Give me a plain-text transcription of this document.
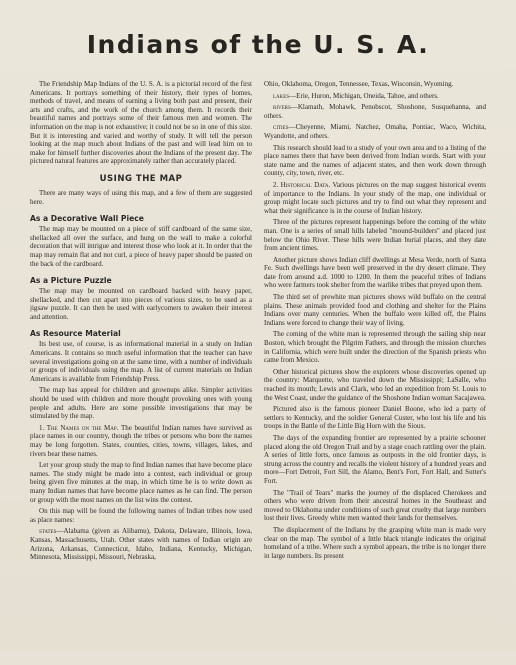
Indians of the U. S. A.

The Friendship Map Indians of the U. S. A. is a pictorial record of the first Americans. It portrays something of their history, their types of homes, methods of travel, and means of earning a living both past and present, their arts and crafts, and the work of the church among them. It records their beautiful names and portrays some of their famous men and women. The information on the map is not exhaustive; it could not be so in one of this size. But it is interesting and varied and worthy of study. It will tell the person looking at the map much about Indians of the past and will lead him on to make for himself further discoveries about the Indians of the present day. The pictured natural features are approximately rather than accurately placed.

USING THE MAP

There are many ways of using this map, and a few of them are suggested here.

As a Decorative Wall Piece

The map may be mounted on a piece of stiff cardboard of the same size, shellacked all over the surface, and hung on the wall to make a colorful decoration that will intrigue and interest those who look at it. In order that the map may remain flat and not curl, a piece of heavy paper should be pasted on the back of the cardboard.

As a Picture Puzzle

The map may be mounted on cardboard backed with heavy paper, shellacked, and then cut apart into pieces of various sizes, to be used as a jigsaw puzzle. It can then be used with earlycomers to awaken their interest and attention.

As Resource Material

Its best use, of course, is as informational material in a study on Indian Americans. It contains so much useful information that the teacher can have several investigations going on at the same time, with a number of individuals or groups of individuals using the map. A list of current materials on Indian Americans is available from Friendship Press.

The map has appeal for children and grownups alike. Simpler activities should be used with children and more thought provoking ones with young people and adults. Here are some possible investigations that may be stimulated by the map.

1. The Names on the Map. The beautiful Indian names have survived as place names in our country, though the tribes or persons who bore the names may be long forgotten. States, counties, cities, towns, villages, lakes, and rivers bear these names.

Let your group study the map to find Indian names that have become place names. The study might be made into a contest, each individual or group being given five minutes at the map, in which time he is to write down as many Indian names that have become place names as he can find. The person or group with the most names on the list wins the contest.

On this map will be found the following names of Indian tribes now used as place names:

states—Alabama (given as Alibamu), Dakota, Delaware, Illinois, Iowa, Kansas, Massachusetts, Utah. Other states with names of Indian origin are Arizona, Arkansas, Connecticut, Idaho, Indiana, Kentucky, Michigan, Minnesota, Mississippi, Missouri, Nebraska,

Ohio, Oklahoma, Oregon, Tennessee, Texas, Wisconsin, Wyoming.

lakes—Erie, Huron, Michigan, Oneida, Tahoe, and others.

rivers—Klamath, Mohawk, Penobscot, Shoshone, Susquehanna, and others.

cities—Cheyenne, Miami, Natchez, Omaha, Pontiac, Waco, Wichita, Wyandotte, and others.

This research should lead to a study of your own area and to a listing of the place names there that have been derived from Indian words. Start with your state name and the names of adjacent states, and then work down through county, city, town, river, etc.

2. Historical Data. Various pictures on the map suggest historical events of importance to the Indians. In your study of the map, one individual or group might locate such pictures and try to find out what they represent and what their significance is in the course of Indian history.

Three of the pictures represent happenings before the coming of the white man. One is a series of small hills labeled "mound-builders" and placed just below the Ohio River. These hills were Indian burial places, and they date from ancient times.

Another picture shows Indian cliff dwellings at Mesa Verde, north of Santa Fe. Such dwellings have been well preserved in the dry desert climate. They date from around a.d. 1000 to 1200. In them the peaceful tribes of Indians who were farmers took shelter from the warlike tribes that preyed upon them.

The third set of prewhite man pictures shows wild buffalo on the central plains. These animals provided food and clothing and shelter for the Plains Indians over many centuries. When the buffalo were killed off, the Plains Indians were forced to change their way of living.

The coming of the white man is represented through the sailing ship near Boston, which brought the Pilgrim Fathers, and through the mission churches in California, which were built under the direction of the Spanish priests who came from Mexico.

Other historical pictures show the explorers whose discoveries opened up the country: Marquette, who traveled down the Mississippi; LaSalle, who reached its mouth; Lewis and Clark, who led an expedition from St. Louis to the West Coast, under the guidance of the Shoshone Indian woman Sacajawea.

Pictured also is the famous pioneer Daniel Boone, who led a party of settlers to Kentucky, and the soldier General Custer, who lost his life and his troops in the Battle of the Little Big Horn with the Sioux.

The days of the expanding frontier are represented by a prairie schooner placed along the old Oregon Trail and by a stage coach rattling over the plain. A series of little forts, once famous as outposts in the old frontier days, is strung across the country and recalls the violent history of a hundred years and more—Fort Detroit, Fort Sill, the Alamo, Bent's Fort, Fort Hall, and Sutter's Fort.

The "Trail of Tears" marks the journey of the displaced Cherokees and others who were driven from their ancestral homes in the Southeast and moved to Oklahoma under conditions of such great cruelty that large numbers lost their lives. Greedy white men wanted their lands for themselves.

The displacement of the Indians by the grasping white man is made very clear on the map. The symbol of a little black triangle indicates the original homeland of a tribe. Where such a symbol appears, the tribe is no longer there in large numbers. Its present
